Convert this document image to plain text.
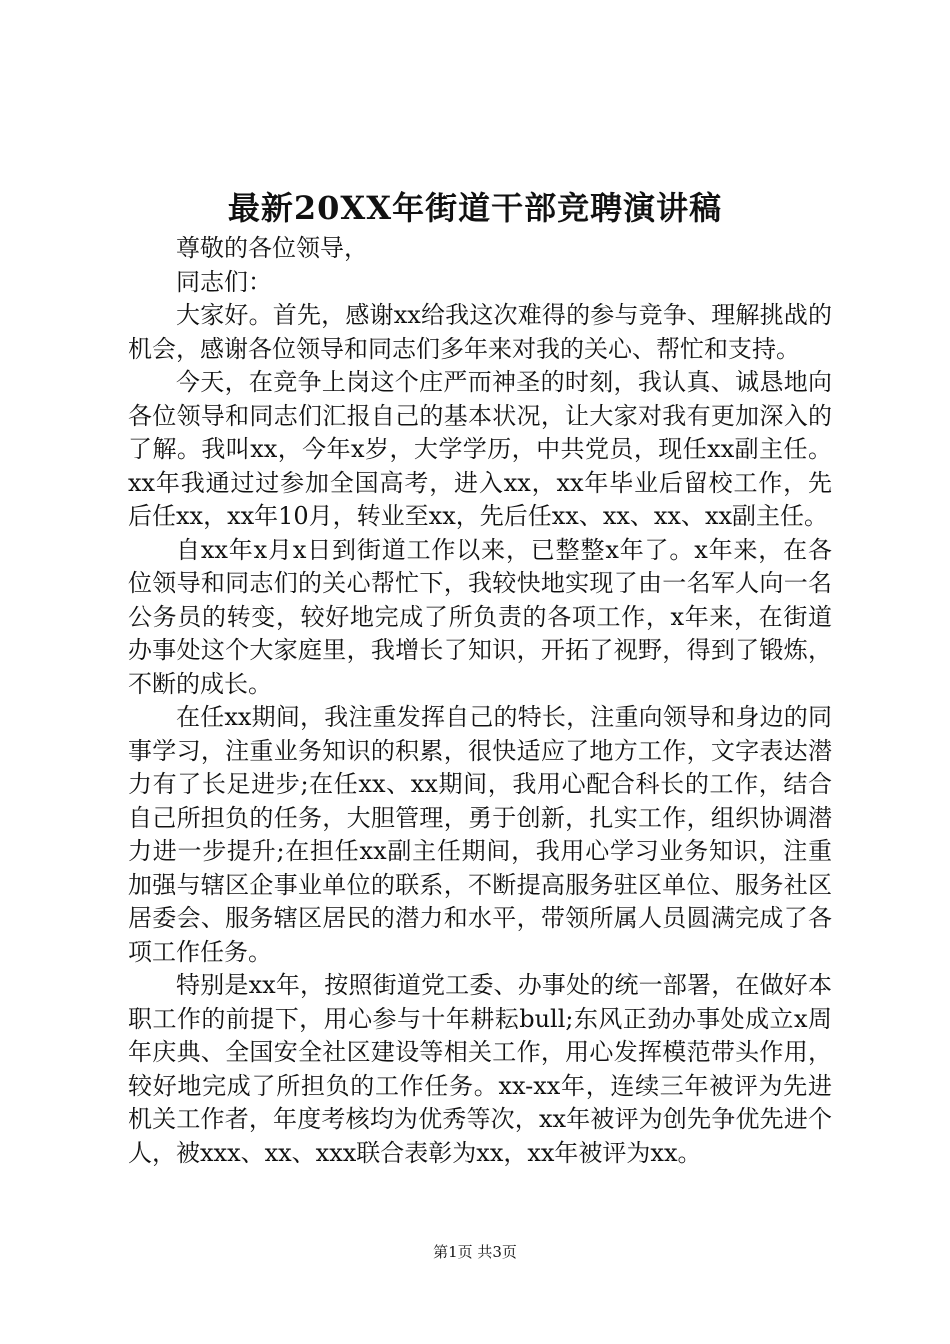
最新20XX年街道干部竞聘演讲稿

尊敬的各位领导，

同志们：

大家好。首先，感谢xx给我这次难得的参与竞争、理解挑战的机会，感谢各位领导和同志们多年来对我的关心、帮忙和支持。

今天，在竞争上岗这个庄严而神圣的时刻，我认真、诚恳地向各位领导和同志们汇报自己的基本状况，让大家对我有更加深入的了解。我叫xx，今年x岁，大学学历，中共党员，现任xx副主任。xx年我通过过参加全国高考，进入xx，xx年毕业后留校工作，先后任xx，xx年10月，转业至xx，先后任xx、xx、xx、xx副主任。

自xx年x月x日到街道工作以来，已整整x年了。x年来，在各位领导和同志们的关心帮忙下，我较快地实现了由一名军人向一名公务员的转变，较好地完成了所负责的各项工作，x年来，在街道办事处这个大家庭里，我增长了知识，开拓了视野，得到了锻炼，不断的成长。

在任xx期间，我注重发挥自己的特长，注重向领导和身边的同事学习，注重业务知识的积累，很快适应了地方工作，文字表达潜力有了长足进步;在任xx、xx期间，我用心配合科长的工作，结合自己所担负的任务，大胆管理，勇于创新，扎实工作，组织协调潜力进一步提升;在担任xx副主任期间，我用心学习业务知识，注重加强与辖区企事业单位的联系，不断提高服务驻区单位、服务社区居委会、服务辖区居民的潜力和水平，带领所属人员圆满完成了各项工作任务。

特别是xx年，按照街道党工委、办事处的统一部署，在做好本职工作的前提下，用心参与十年耕耘bull;东风正劲办事处成立x周年庆典、全国安全社区建设等相关工作，用心发挥模范带头作用，较好地完成了所担负的工作任务。xx-xx年，连续三年被评为先进机关工作者，年度考核均为优秀等次，xx年被评为创先争优先进个人，被xxx、xx、xxx联合表彰为xx，xx年被评为xx。

第1页 共3页
